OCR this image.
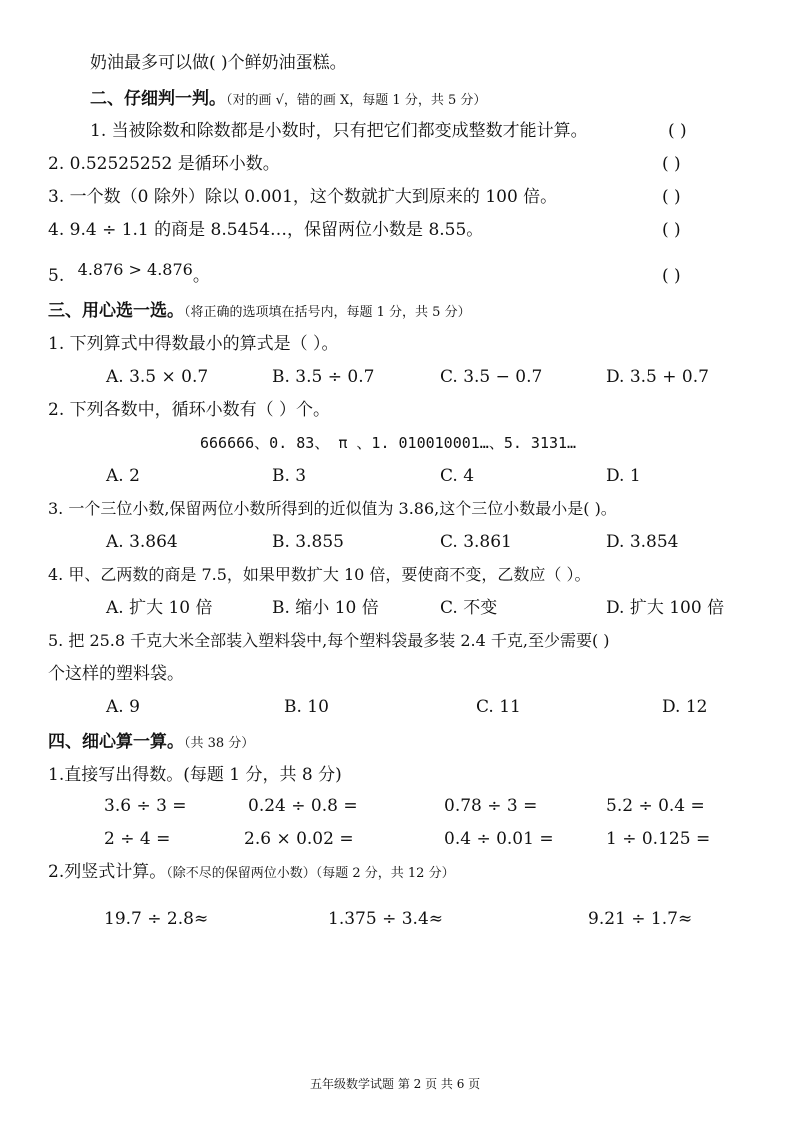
奶油最多可以做( )个鲜奶油蛋糕。
二、仔细判一判。（对的画 √，错的画 X，每题 1 分，共 5 分）
1. 当被除数和除数都是小数时，只有把它们都变成整数才能计算。	( )
2. 0.52525252 是循环小数。	( )
3. 一个数（0 除外）除以 0.001，这个数就扩大到原来的 100 倍。	( )
4. 9.4 ÷ 1.1 的商是 8.5454…，保留两位小数是 8.55。	( )
5. 4.876 > 4.876。	( )
三、用心选一选。（将正确的选项填在括号内，每题 1 分，共 5 分）
1. 下列算式中得数最小的算式是（ ）。
A. 3.5 × 0.7	B. 3.5 ÷ 0.7	C. 3.5 − 0.7	D. 3.5 + 0.7
2. 下列各数中，循环小数有（ ）个。
666666、0. 83、 π 、1. 010010001…、5. 3131…
A. 2	B. 3	C. 4	D. 1
3. 一个三位小数,保留两位小数所得到的近似值为 3.86,这个三位小数最小是( )。
A. 3.864	B. 3.855	C. 3.861	D. 3.854
4. 甲、乙两数的商是 7.5，如果甲数扩大 10 倍，要使商不变，乙数应（ ）。
A. 扩大 10 倍	B. 缩小 10 倍	C. 不变	D. 扩大 100 倍
5. 把 25.8 千克大米全部装入塑料袋中,每个塑料袋最多装 2.4 千克,至少需要( )
个这样的塑料袋。
A. 9	B. 10	C. 11	D. 12
四、细心算一算。（共 38 分）
1.直接写出得数。(每题 1 分，共 8 分)
3.6 ÷ 3 =	0.24 ÷ 0.8 =	0.78 ÷ 3 =	5.2 ÷ 0.4 =
2 ÷ 4 =	2.6 × 0.02 =	0.4 ÷ 0.01 =	1 ÷ 0.125 =
2.列竖式计算。（除不尽的保留两位小数）（每题 2 分，共 12 分）
19.7 ÷ 2.8≈	1.375 ÷ 3.4≈	9.21 ÷ 1.7≈
五年级数学试题 第 2 页 共 6 页
